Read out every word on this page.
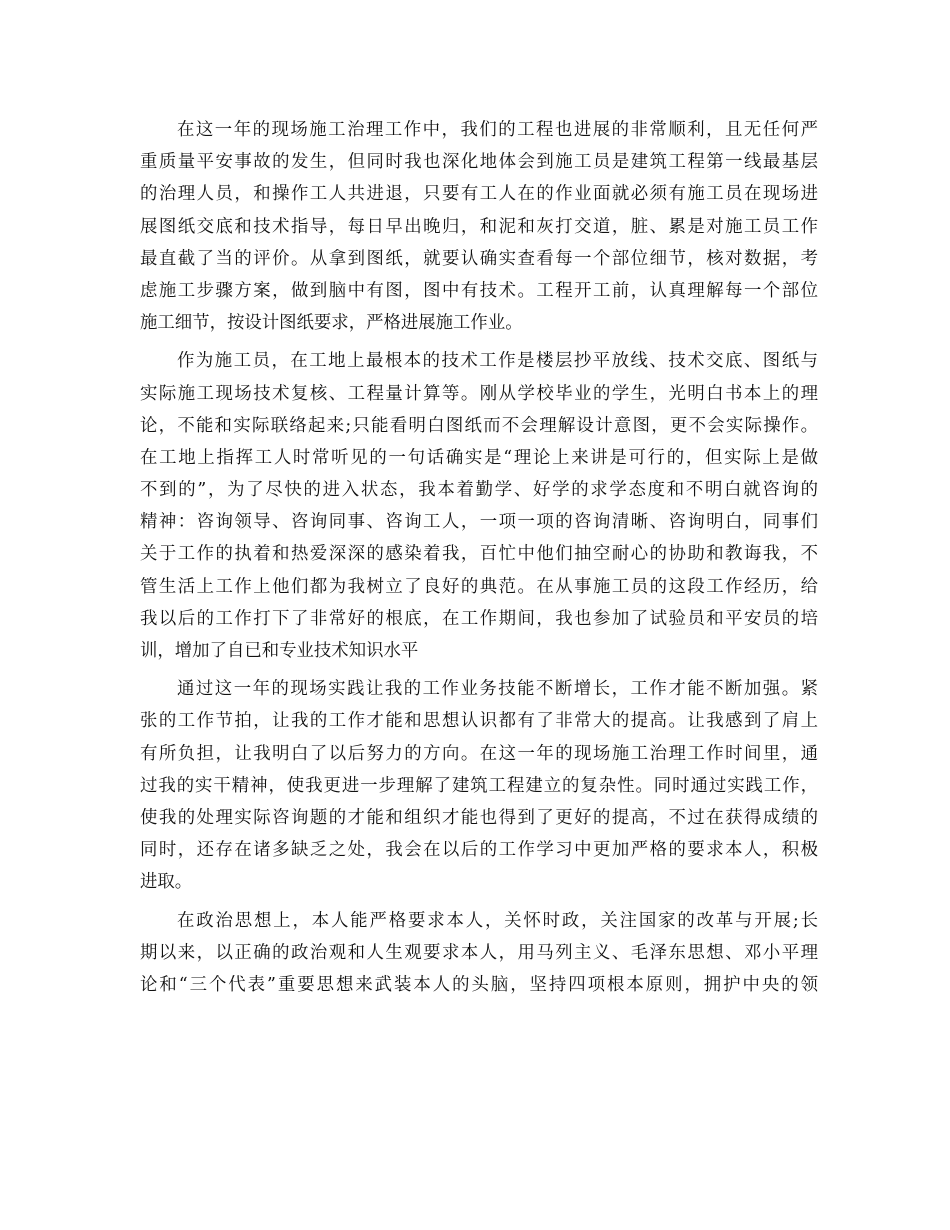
在这一年的现场施工治理工作中，我们的工程也进展的非常顺利，且无任何严
重质量平安事故的发生，但同时我也深化地体会到施工员是建筑工程第一线最基层
的治理人员，和操作工人共进退，只要有工人在的作业面就必须有施工员在现场进
展图纸交底和技术指导，每日早出晚归，和泥和灰打交道，脏、累是对施工员工作
最直截了当的评价。从拿到图纸，就要认确实查看每一个部位细节，核对数据，考
虑施工步骤方案，做到脑中有图，图中有技术。工程开工前，认真理解每一个部位
施工细节，按设计图纸要求，严格进展施工作业。
作为施工员，在工地上最根本的技术工作是楼层抄平放线、技术交底、图纸与
实际施工现场技术复核、工程量计算等。刚从学校毕业的学生，光明白书本上的理
论，不能和实际联络起来;只能看明白图纸而不会理解设计意图，更不会实际操作。
在工地上指挥工人时常听见的一句话确实是“理论上来讲是可行的，但实际上是做
不到的”，为了尽快的进入状态，我本着勤学、好学的求学态度和不明白就咨询的
精神：咨询领导、咨询同事、咨询工人，一项一项的咨询清晰、咨询明白，同事们
关于工作的执着和热爱深深的感染着我，百忙中他们抽空耐心的协助和教诲我，不
管生活上工作上他们都为我树立了良好的典范。在从事施工员的这段工作经历，给
我以后的工作打下了非常好的根底，在工作期间，我也参加了试验员和平安员的培
训，增加了自已和专业技术知识水平
通过这一年的现场实践让我的工作业务技能不断增长，工作才能不断加强。紧
张的工作节拍，让我的工作才能和思想认识都有了非常大的提高。让我感到了肩上
有所负担，让我明白了以后努力的方向。在这一年的现场施工治理工作时间里，通
过我的实干精神，使我更进一步理解了建筑工程建立的复杂性。同时通过实践工作，
使我的处理实际咨询题的才能和组织才能也得到了更好的提高，不过在获得成绩的
同时，还存在诸多缺乏之处，我会在以后的工作学习中更加严格的要求本人，积极
进取。
在政治思想上，本人能严格要求本人，关怀时政，关注国家的改革与开展;长
期以来，以正确的政治观和人生观要求本人，用马列主义、毛泽东思想、邓小平理
论和“三个代表”重要思想来武装本人的头脑，坚持四项根本原则，拥护中央的领
